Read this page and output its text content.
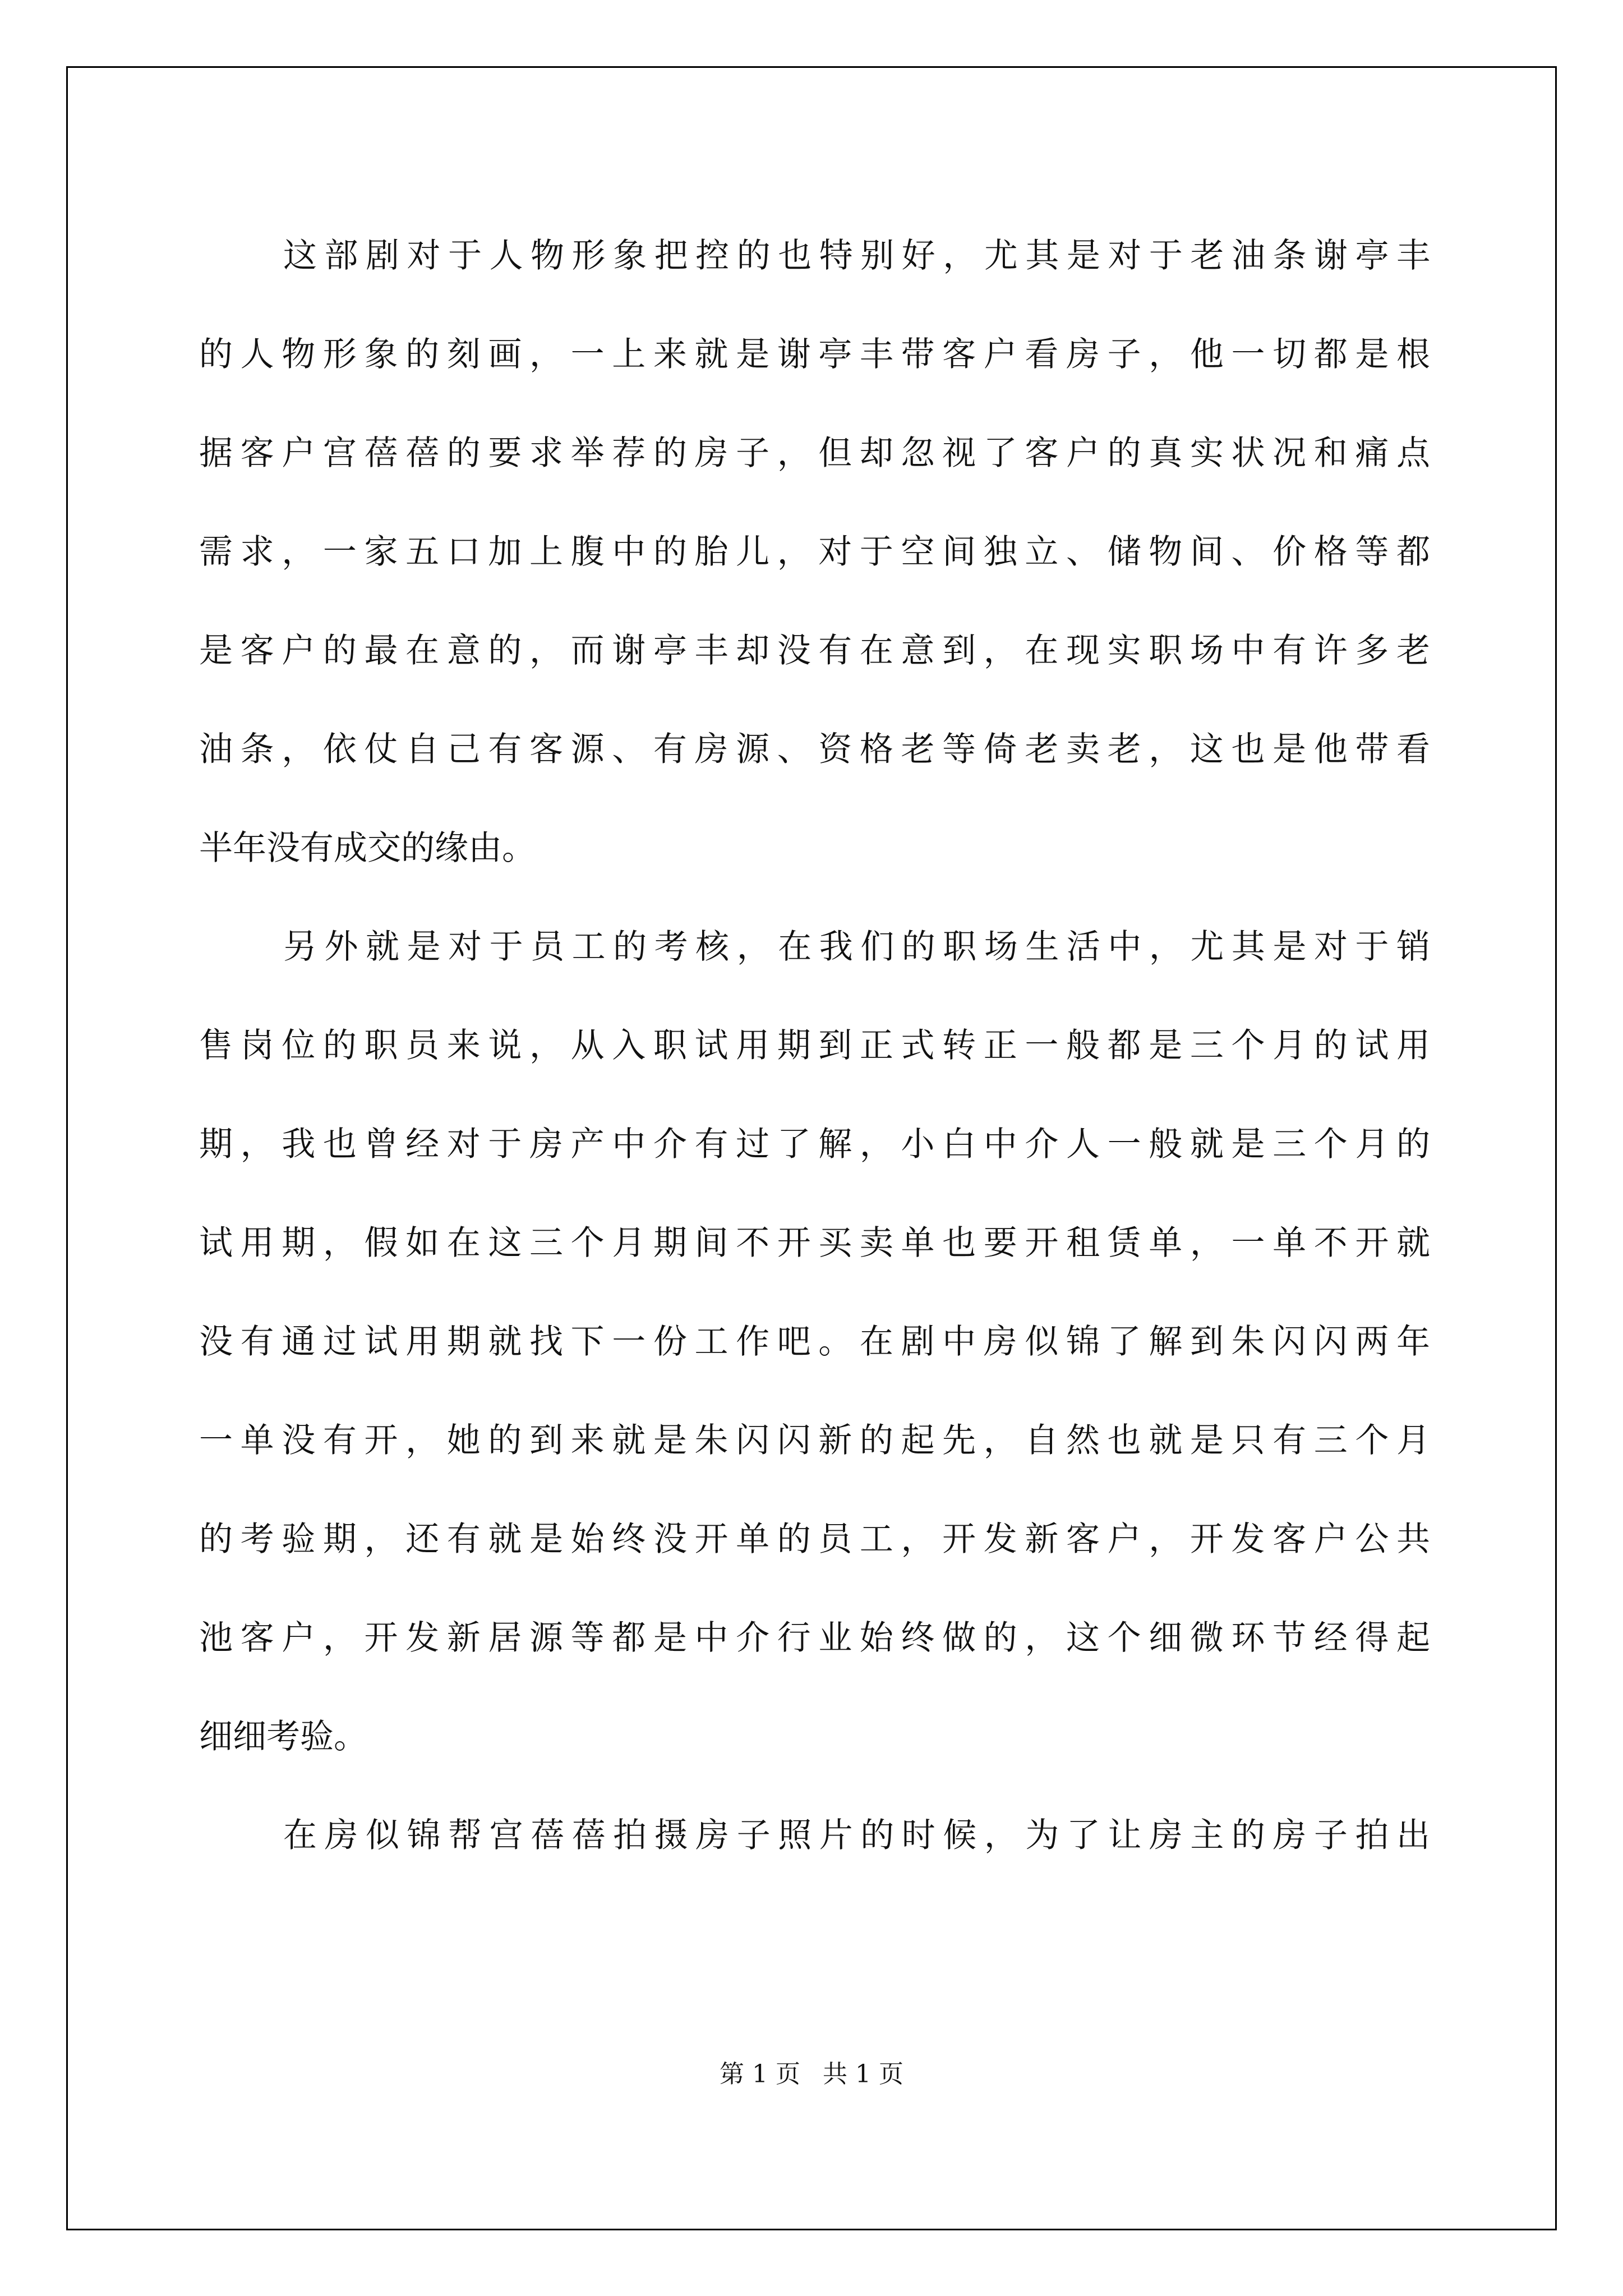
这部剧对于人物形象把控的也特别好，尤其是对于老油条谢亭丰
的人物形象的刻画，一上来就是谢亭丰带客户看房子，他一切都是根
据客户宫蓓蓓的要求举荐的房子，但却忽视了客户的真实状况和痛点
需求，一家五口加上腹中的胎儿，对于空间独立、储物间、价格等都
是客户的最在意的，而谢亭丰却没有在意到，在现实职场中有许多老
油条，依仗自己有客源、有房源、资格老等倚老卖老，这也是他带看
半年没有成交的缘由。
另外就是对于员工的考核，在我们的职场生活中，尤其是对于销
售岗位的职员来说，从入职试用期到正式转正一般都是三个月的试用
期，我也曾经对于房产中介有过了解，小白中介人一般就是三个月的
试用期，假如在这三个月期间不开买卖单也要开租赁单，一单不开就
没有通过试用期就找下一份工作吧。在剧中房似锦了解到朱闪闪两年
一单没有开，她的到来就是朱闪闪新的起先，自然也就是只有三个月
的考验期，还有就是始终没开单的员工，开发新客户，开发客户公共
池客户，开发新居源等都是中介行业始终做的，这个细微环节经得起
细细考验。
在房似锦帮宫蓓蓓拍摄房子照片的时候，为了让房主的房子拍出
第 1 页 共 1 页
